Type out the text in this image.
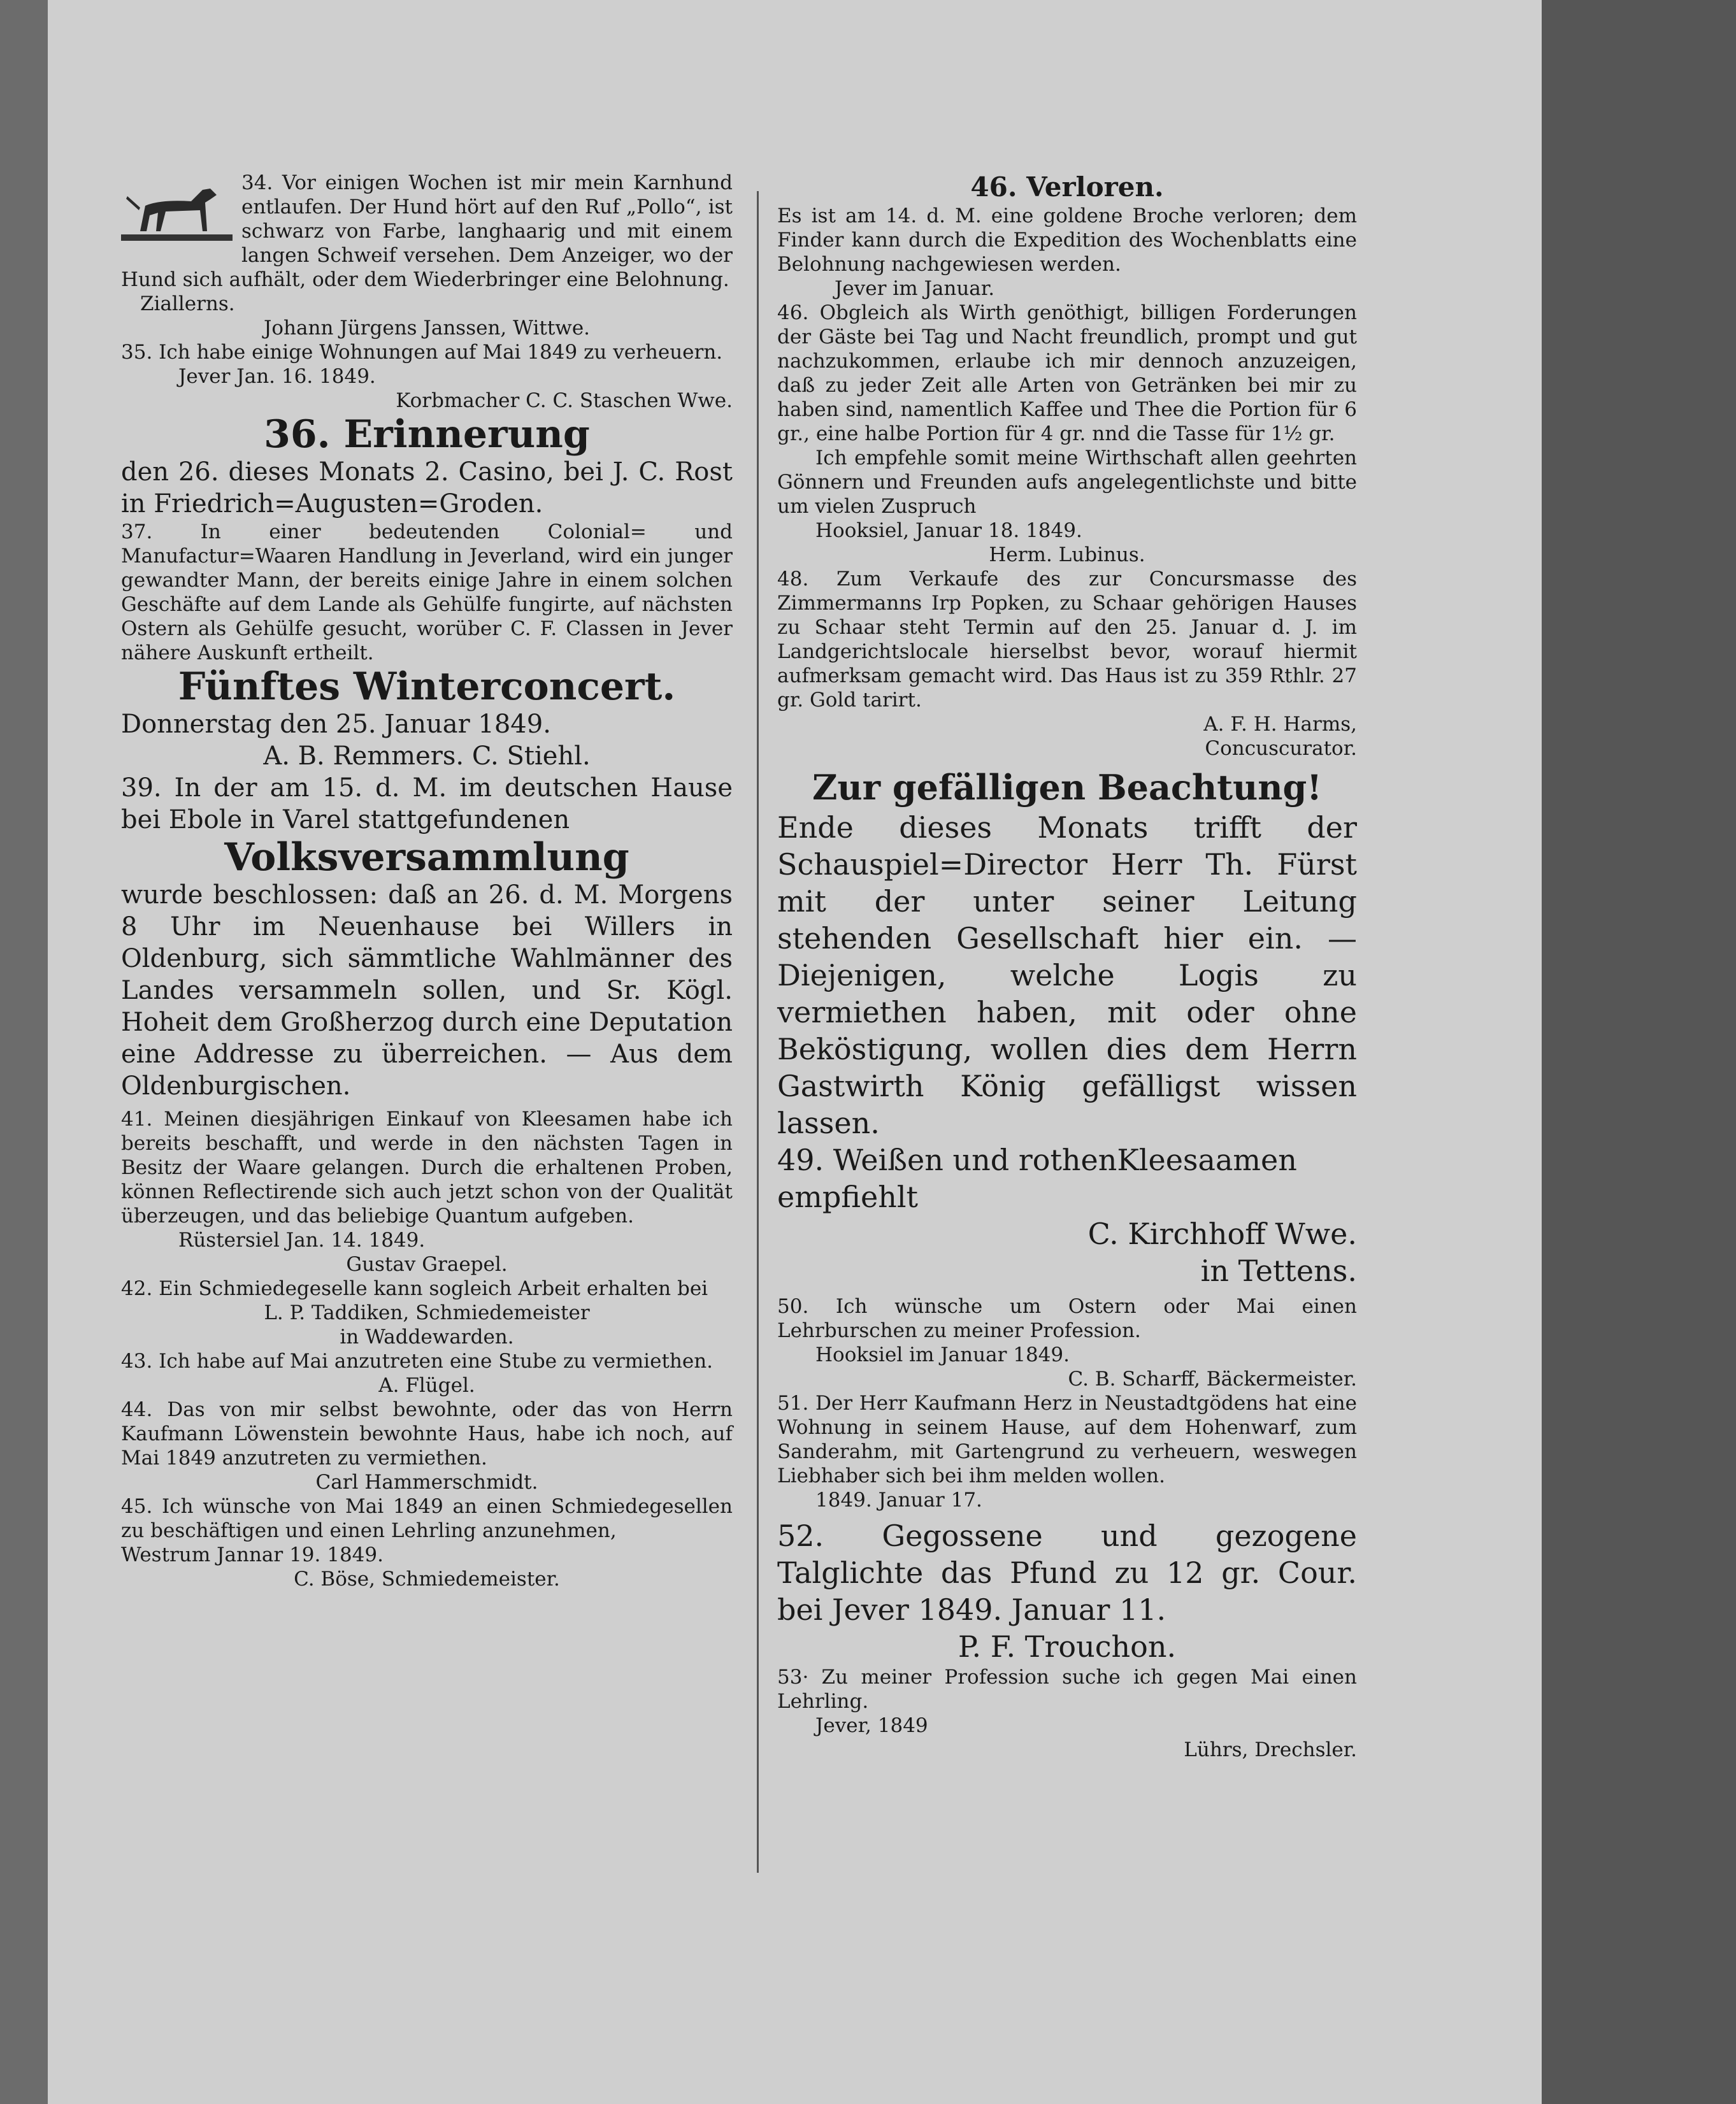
34. Vor einigen Wochen ist mir mein Karnhund entlaufen. Der Hund hört auf den Ruf „Pollo“, ist schwarz von Farbe, langhaarig und mit einem langen Schweif versehen. Dem Anzeiger, wo der Hund sich aufhält, oder dem Wiederbringer eine Belohnung.

Ziallerns.

Johann Jürgens Janssen, Wittwe.

35. Ich habe einige Wohnungen auf Mai 1849 zu verheuern.

Jever Jan. 16. 1849.

Korbmacher C. C. Staschen Wwe.

36. Erinnerung

den 26. dieses Monats 2. Casino, bei J. C. Rost in Friedrich=Augusten=Groden.

37. In einer bedeutenden Colonial= und Manufactur=Waaren Handlung in Jeverland, wird ein junger gewandter Mann, der bereits einige Jahre in einem solchen Geschäfte auf dem Lande als Gehülfe fungirte, auf nächsten Ostern als Gehülfe gesucht, worüber C. F. Classen in Jever nähere Auskunft ertheilt.

Fünftes Winterconcert.

Donnerstag den 25. Januar 1849.

A. B. Remmers. C. Stiehl.

39. In der am 15. d. M. im deutschen Hause bei Ebole in Varel stattgefundenen

Volksversammlung

wurde beschlossen: daß an 26. d. M. Morgens 8 Uhr im Neuenhause bei Willers in Oldenburg, sich sämmtliche Wahlmänner des Landes versammeln sollen, und Sr. Kögl. Hoheit dem Großherzog durch eine Deputation eine Addresse zu überreichen. — Aus dem Oldenburgischen.

41. Meinen diesjährigen Einkauf von Kleesamen habe ich bereits beschafft, und werde in den nächsten Tagen in Besitz der Waare gelangen. Durch die erhaltenen Proben, können Reflectirende sich auch jetzt schon von der Qualität überzeugen, und das beliebige Quantum aufgeben.

Rüstersiel Jan. 14. 1849.

Gustav Graepel.

42. Ein Schmiedegeselle kann sogleich Arbeit erhalten bei

L. P. Taddiken, Schmiedemeister

in Waddewarden.

43. Ich habe auf Mai anzutreten eine Stube zu vermiethen.

A. Flügel.

44. Das von mir selbst bewohnte, oder das von Herrn Kaufmann Löwenstein bewohnte Haus, habe ich noch, auf Mai 1849 anzutreten zu vermiethen.

Carl Hammerschmidt.

45. Ich wünsche von Mai 1849 an einen Schmiedegesellen zu beschäftigen und einen Lehrling anzunehmen,

Westrum Jannar 19. 1849.

C. Böse, Schmiedemeister.

46. Verloren.

Es ist am 14. d. M. eine goldene Broche verloren; dem Finder kann durch die Expedition des Wochenblatts eine Belohnung nachgewiesen werden.

Jever im Januar.

46. Obgleich als Wirth genöthigt, billigen Forderungen der Gäste bei Tag und Nacht freundlich, prompt und gut nachzukommen, erlaube ich mir dennoch anzuzeigen, daß zu jeder Zeit alle Arten von Getränken bei mir zu haben sind, namentlich Kaffee und Thee die Portion für 6 gr., eine halbe Portion für 4 gr. nnd die Tasse für 1½ gr.

Ich empfehle somit meine Wirthschaft allen geehrten Gönnern und Freunden aufs angelegentlichste und bitte um vielen Zuspruch

Hooksiel, Januar 18. 1849.

Herm. Lubinus.

48. Zum Verkaufe des zur Concursmasse des Zimmermanns Irp Popken, zu Schaar gehörigen Hauses zu Schaar steht Termin auf den 25. Januar d. J. im Landgerichtslocale hierselbst bevor, worauf hiermit aufmerksam gemacht wird. Das Haus ist zu 359 Rthlr. 27 gr. Gold tarirt.

A. F. H. Harms,

Concuscurator.

Zur gefälligen Beachtung!

Ende dieses Monats trifft der Schauspiel=Director Herr Th. Fürst mit der unter seiner Leitung stehenden Gesellschaft hier ein. — Diejenigen, welche Logis zu vermiethen haben, mit oder ohne Beköstigung, wollen dies dem Herrn Gastwirth König gefälligst wissen lassen.

49. Weißen und rothenKleesaamen empfiehlt

C. Kirchhoff Wwe.

in Tettens.

50. Ich wünsche um Ostern oder Mai einen Lehrburschen zu meiner Profession.

Hooksiel im Januar 1849.

C. B. Scharff, Bäckermeister.

51. Der Herr Kaufmann Herz in Neustadtgödens hat eine Wohnung in seinem Hause, auf dem Hohenwarf, zum Sanderahm, mit Gartengrund zu verheuern, weswegen Liebhaber sich bei ihm melden wollen.

1849. Januar 17.

52. Gegossene und gezogene Talglichte das Pfund zu 12 gr. Cour. bei Jever 1849. Januar 11.

P. F. Trouchon.

53· Zu meiner Profession suche ich gegen Mai einen Lehrling.

Jever, 1849

Lührs, Drechsler.
